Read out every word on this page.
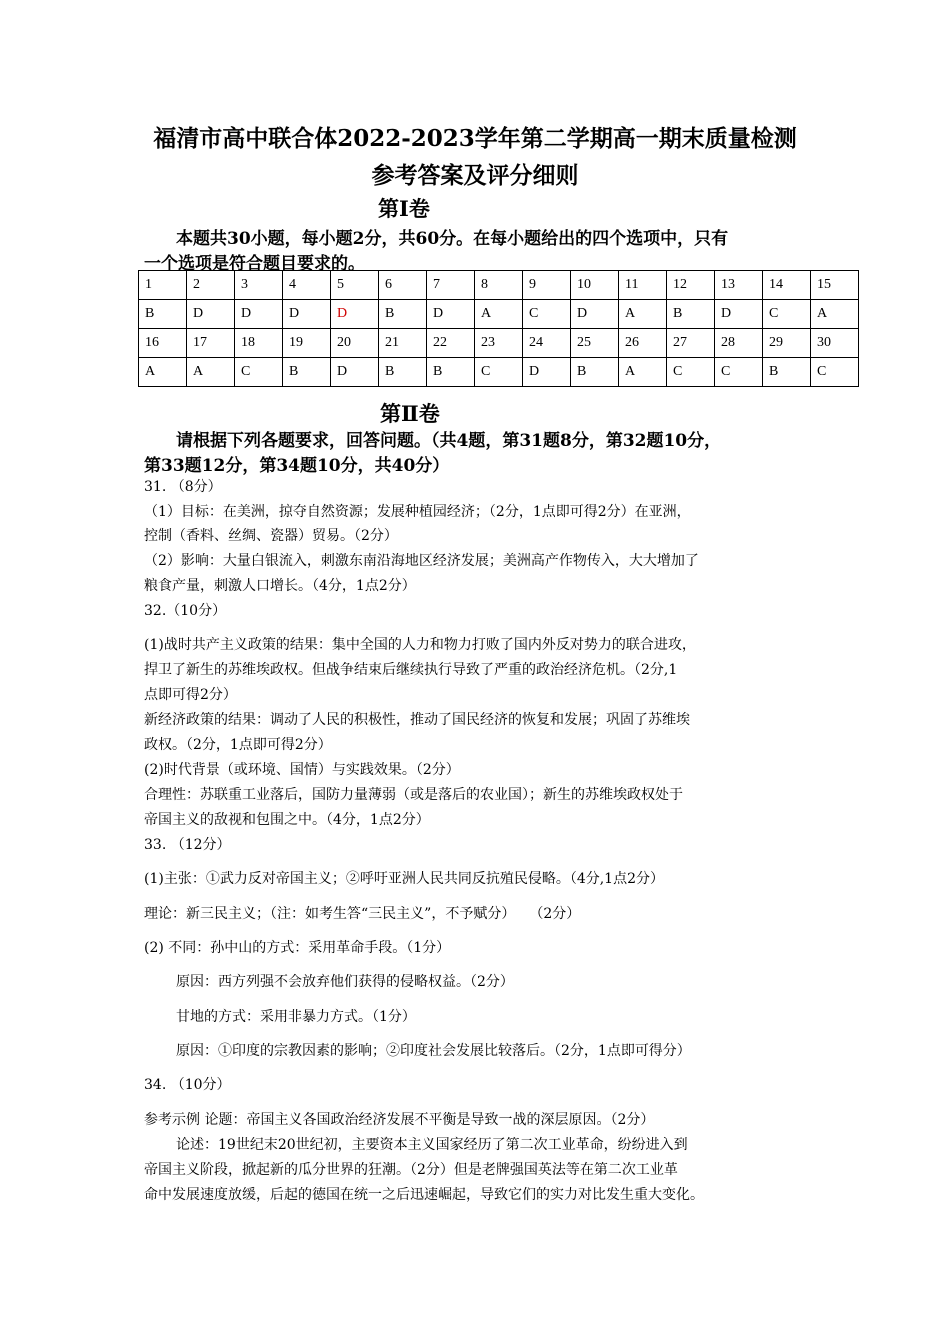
福清市高中联合体2022-2023学年第二学期高一期末质量检测
参考答案及评分细则
第Ⅰ卷
本题共30小题，每小题2分，共60分。在每小题给出的四个选项中，只有
一个选项是符合题目要求的。
1	2	3	4	5	6	7	8	9	10	11	12	13	14	15
B	D	D	D	D	B	D	A	C	D	A	B	D	C	A
16	17	18	19	20	21	22	23	24	25	26	27	28	29	30
A	A	C	B	D	B	B	C	D	B	A	C	C	B	C
第Ⅱ卷
请根据下列各题要求，回答问题。（共4题，第31题8分，第32题10分，
第33题12分，第34题10分，共40分）
31. （8分）
（1）目标：在美洲，掠夺自然资源；发展种植园经济；（2分，1点即可得2分）在亚洲，
控制（香料、丝绸、瓷器）贸易。（2分）
（2）影响：大量白银流入，刺激东南沿海地区经济发展；美洲高产作物传入，大大增加了
粮食产量，刺激人口增长。（4分，1点2分）
32.（10分）
(1)战时共产主义政策的结果：集中全国的人力和物力打败了国内外反对势力的联合进攻，
捍卫了新生的苏维埃政权。但战争结束后继续执行导致了严重的政治经济危机。（2分,1
点即可得2分）
新经济政策的结果：调动了人民的积极性，推动了国民经济的恢复和发展；巩固了苏维埃
政权。（2分，1点即可得2分）
(2)时代背景（或环境、国情）与实践效果。（2分）
合理性：苏联重工业落后，国防力量薄弱（或是落后的农业国）；新生的苏维埃政权处于
帝国主义的敌视和包围之中。（4分，1点2分）
33. （12分）
(1)主张：①武力反对帝国主义；②呼吁亚洲人民共同反抗殖民侵略。（4分,1点2分）
理论：新三民主义；（注：如考生答“三民主义”，不予赋分）　　（2分）
(2) 不同：孙中山的方式：采用革命手段。（1分）
原因：西方列强不会放弃他们获得的侵略权益。（2分）
甘地的方式：采用非暴力方式。（1分）
原因：①印度的宗教因素的影响；②印度社会发展比较落后。（2分，1点即可得分）
34. （10分）
参考示例 论题：帝国主义各国政治经济发展不平衡是导致一战的深层原因。（2分）
论述：19世纪末20世纪初，主要资本主义国家经历了第二次工业革命，纷纷进入到
帝国主义阶段，掀起新的瓜分世界的狂潮。（2分）但是老牌强国英法等在第二次工业革
命中发展速度放缓，后起的德国在统一之后迅速崛起，导致它们的实力对比发生重大变化。
